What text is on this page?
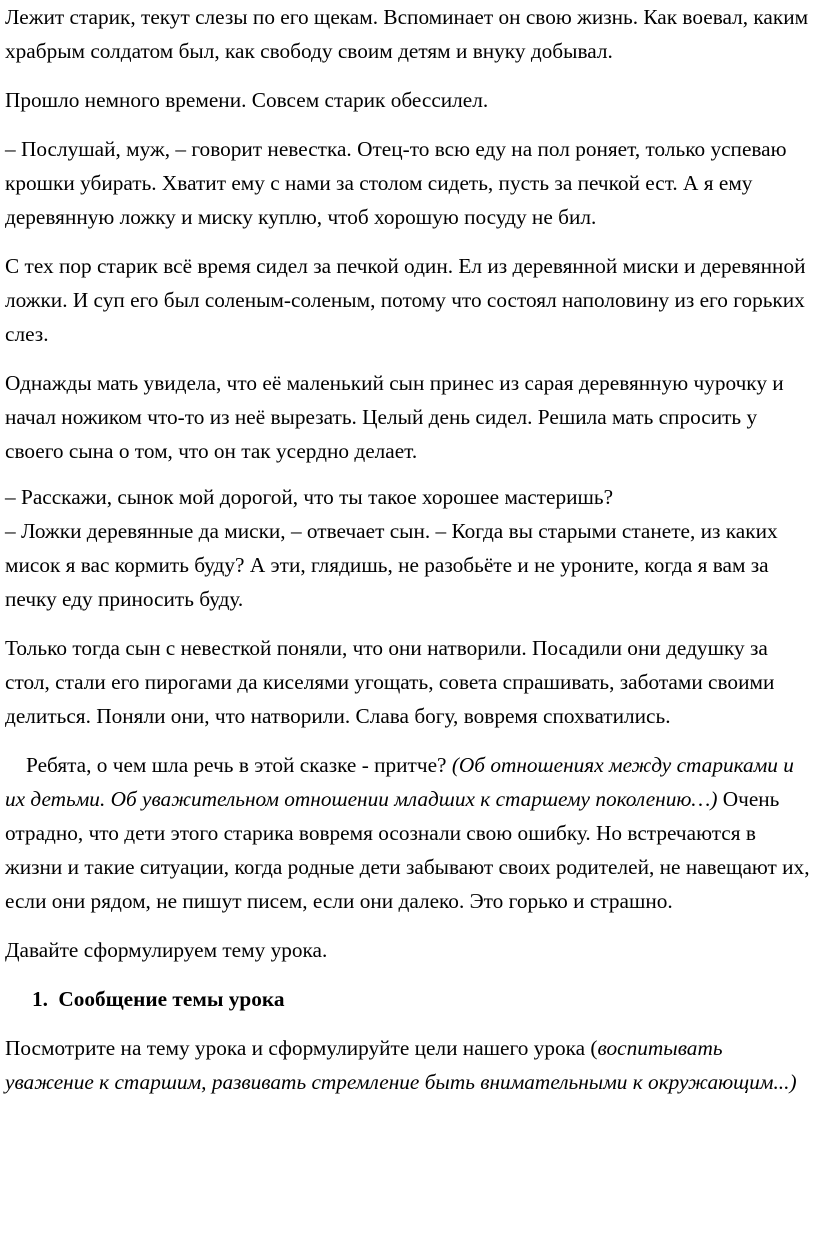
Лежит старик, текут слезы по его щекам. Вспоминает он свою жизнь. Как воевал, каким храбрым солдатом был, как свободу своим детям и внуку добывал.

Прошло немного времени. Совсем старик обессилел.

– Послушай, муж, – говорит невестка. Отец-то всю еду на пол роняет, только успеваю крошки убирать. Хватит ему с нами за столом сидеть, пусть за печкой ест. А я ему деревянную ложку и миску куплю, чтоб хорошую посуду не бил.

С тех пор старик всё время сидел за печкой один. Ел из деревянной миски и деревянной ложки. И суп его был соленым-соленым, потому что состоял наполовину из его горьких слез.

Однажды мать увидела, что её маленький сын принес из сарая деревянную чурочку и начал ножиком что-то из неё вырезать. Целый день сидел. Решила мать спросить у своего сына о том, что он так усердно делает.

– Расскажи, сынок мой дорогой, что ты такое хорошее мастеришь?

– Ложки деревянные да миски, – отвечает сын. – Когда вы старыми станете, из каких мисок я вас кормить буду? А эти, глядишь, не разобьёте и не уроните, когда я вам за печку еду приносить буду.

Только тогда сын с невесткой поняли, что они натворили. Посадили они дедушку за стол, стали его пирогами да киселями угощать, совета спрашивать, заботами своими делиться. Поняли они, что натворили. Слава богу, вовремя спохватились.

Ребята, о чем шла речь в этой сказке - притче? (Об отношениях между стариками и их детьми. Об уважительном отношении младших к старшему поколению…) Очень отрадно, что дети этого старика вовремя осознали свою ошибку. Но встречаются в жизни и такие ситуации, когда родные дети забывают своих родителей, не навещают их, если они рядом, не пишут писем, если они далеко. Это горько и страшно.

Давайте сформулируем тему урока.

1. Сообщение темы урока

Посмотрите на тему урока и сформулируйте цели нашего урока (воспитывать уважение к старшим, развивать стремление быть внимательными к окружающим...)
